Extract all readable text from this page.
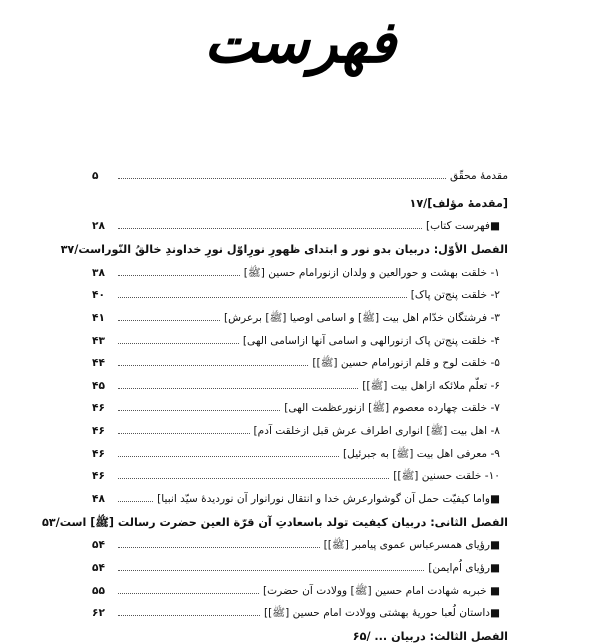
فهرست
مقدمهٔ محقّق
۵
[مقدمهٔ مؤلف]/۱۷
■فهرست کتاب]
۲۸
الفصل الأوّل: دربیان بدو نور و ابتدای ظهورِ نورِاوّل نورِ خداوندِ خالقُ النّوراست/۳۷
۱- خلقت بهشت و حورالعین و ولدان ازنورامام حسین [ﷺ]
۳۸
۲- خلقت پنج‌تن پاک]
۴۰
۳- فرشتگان خدّام اهل بیت [ﷺ] و اسامی اوصیا [ﷺ] برعرش]
۴۱
۴- خلقت پنج‌تن پاک ازنورالهی و اسامی آنها ازاسامی الهی]
۴۳
۵- خلقت لوح و قلم ازنورامام حسین [ﷺ]]
۴۴
۶- تعلّم ملائکه ازاهل بیت [ﷺ]]
۴۵
۷- خلقت چهارده معصوم [ﷺ] ازنورعظمت الهی]
۴۶
۸- اهل بیت [ﷺ] انواری اطراف عرش قبل ازخلقت آدم]
۴۶
۹- معرفی اهل بیت [ﷺ] به جبرئیل]
۴۶
۱۰- خلقت حسنین [ﷺ]]
۴۶
■واما کیفیّت حمل آن گوشوارعرش خدا و انتقال نورانوار آن نوردیدهٔ سیّد انبیا]
۴۸
الفصل الثانی: دربیان کیفیت تولد باسعادتِ آن قرّة العین حضرت رسالت [ﷺ] است/۵۳
■رؤیای همسرعباس عموی پیامبر [ﷺ]]
۵۴
■رؤیای اُم‌ایمن]
۵۴
■ خبربه شهادت امام حسین [ﷺ] وولادت آن حضرت]
۵۵
■داستان لُعبا حوریهٔ بهشتی وولادت امام حسین [ﷺ]]
۶۲
الفصل الثالث: دربیان ... /۶۵
